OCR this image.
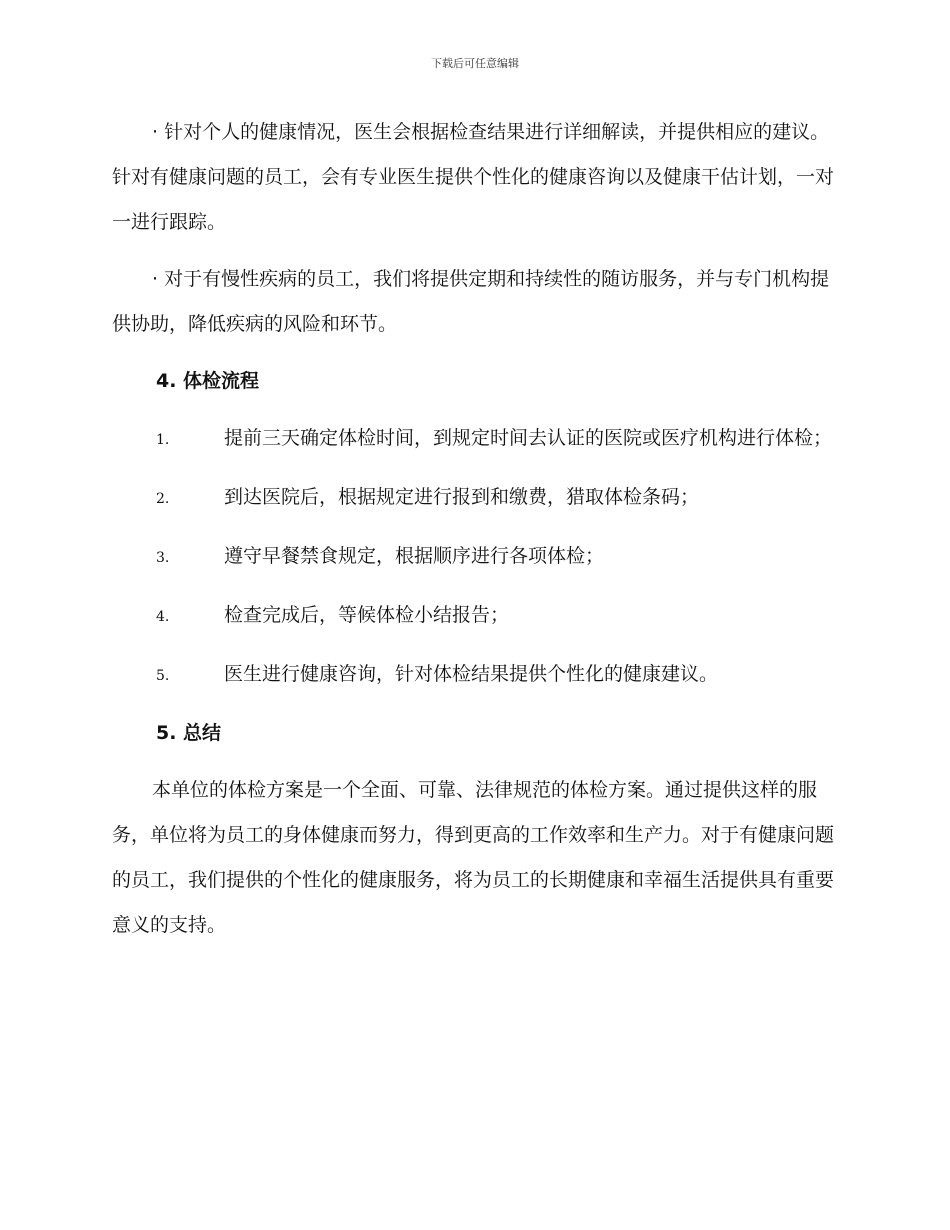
下载后可任意编辑

· 针对个人的健康情况，医生会根据检查结果进行详细解读，并提供相应的建议。针对有健康问题的员工，会有专业医生提供个性化的健康咨询以及健康干估计划，一对一进行跟踪。

· 对于有慢性疾病的员工，我们将提供定期和持续性的随访服务，并与专门机构提供协助，降低疾病的风险和环节。

4. 体检流程
1.	提前三天确定体检时间，到规定时间去认证的医院或医疗机构进行体检；
2.	到达医院后，根据规定进行报到和缴费，猎取体检条码；
3.	遵守早餐禁食规定，根据顺序进行各项体检；
4.	检查完成后，等候体检小结报告；
5.	医生进行健康咨询，针对体检结果提供个性化的健康建议。
5. 总结

本单位的体检方案是一个全面、可靠、法律规范的体检方案。通过提供这样的服务，单位将为员工的身体健康而努力，得到更高的工作效率和生产力。对于有健康问题的员工，我们提供的个性化的健康服务，将为员工的长期健康和幸福生活提供具有重要意义的支持。
